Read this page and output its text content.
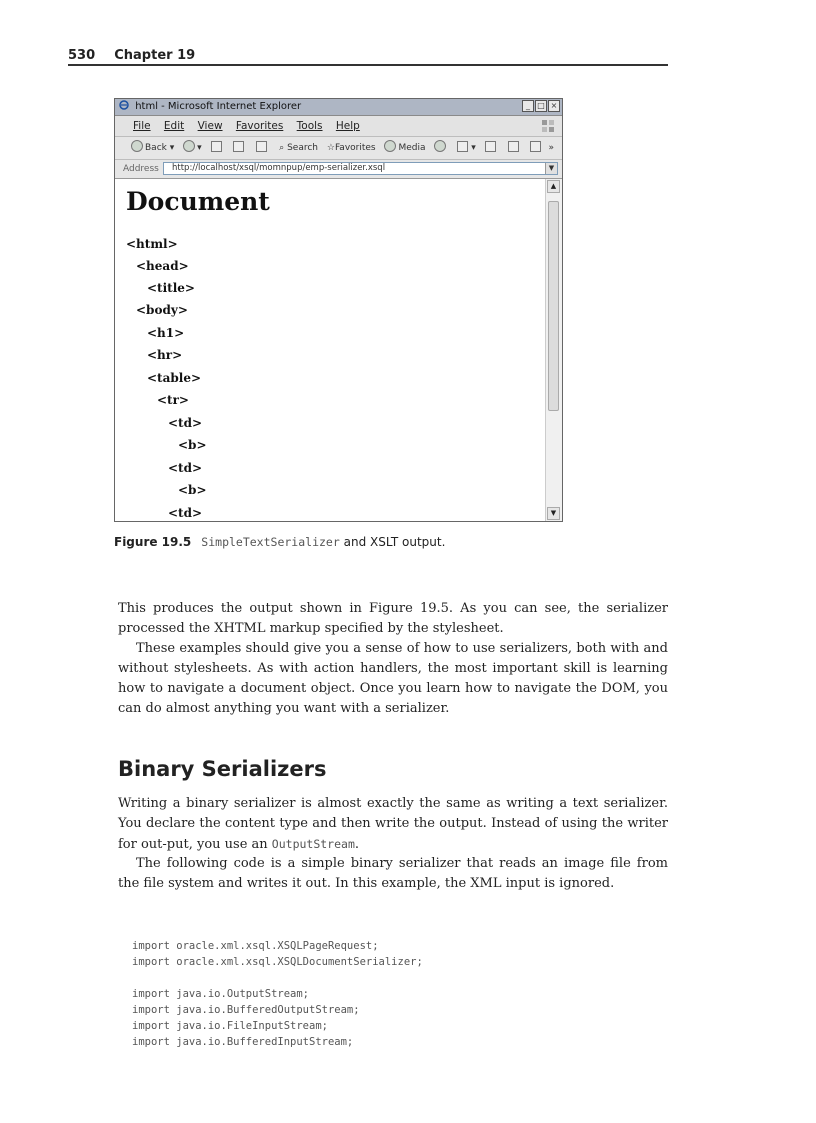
530 Chapter 19
html - Microsoft Internet Explorer	_ □ ×
File Edit View Favorites Tools Help
Back ▾	▾	⌕ Search ☆Favorites	Media	▾	»
Address	http://localhost/xsql/momnpup/emp-serializer.xsql	▼
Document
<html>
<head>
<title>
<body>
<h1>
<hr>
<table>
<tr>
<td>
<b>
<td>
<b>
<td>
▲
▼
Figure 19.5 SimpleTextSerializer and XSLT output.

This produces the output shown in Figure 19.5. As you can see, the serializer processed the XHTML markup specified by the stylesheet.

These examples should give you a sense of how to use serializers, both with and without stylesheets. As with action handlers, the most important skill is learning how to navigate a document object. Once you learn how to navigate the DOM, you can do almost anything you want with a serializer.

Binary Serializers

Writing a binary serializer is almost exactly the same as writing a text serializer. You declare the content type and then write the output. Instead of using the writer for out-put, you use an OutputStream.

The following code is a simple binary serializer that reads an image file from the file system and writes it out. In this example, the XML input is ignored.

import oracle.xml.xsql.XSQLPageRequest;
import oracle.xml.xsql.XSQLDocumentSerializer;
import java.io.OutputStream;
import java.io.BufferedOutputStream;
import java.io.FileInputStream;
import java.io.BufferedInputStream;
